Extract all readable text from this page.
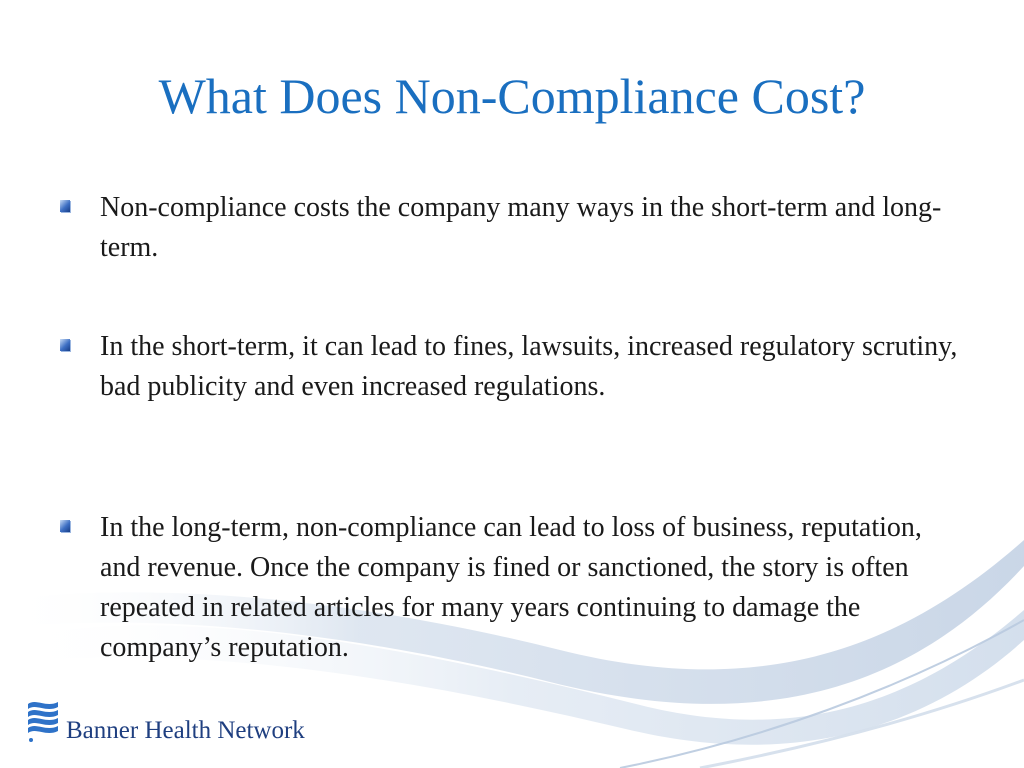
What Does Non-Compliance Cost?
Non-compliance costs the company many ways in the short-term and long-term.
In the short-term, it can lead to fines, lawsuits, increased regulatory scrutiny, bad publicity and even increased regulations.
In the long-term, non-compliance can lead to loss of business, reputation, and revenue. Once the company is fined or sanctioned, the story is often repeated in related articles for many years continuing to damage the company’s reputation.
Banner Health Network
